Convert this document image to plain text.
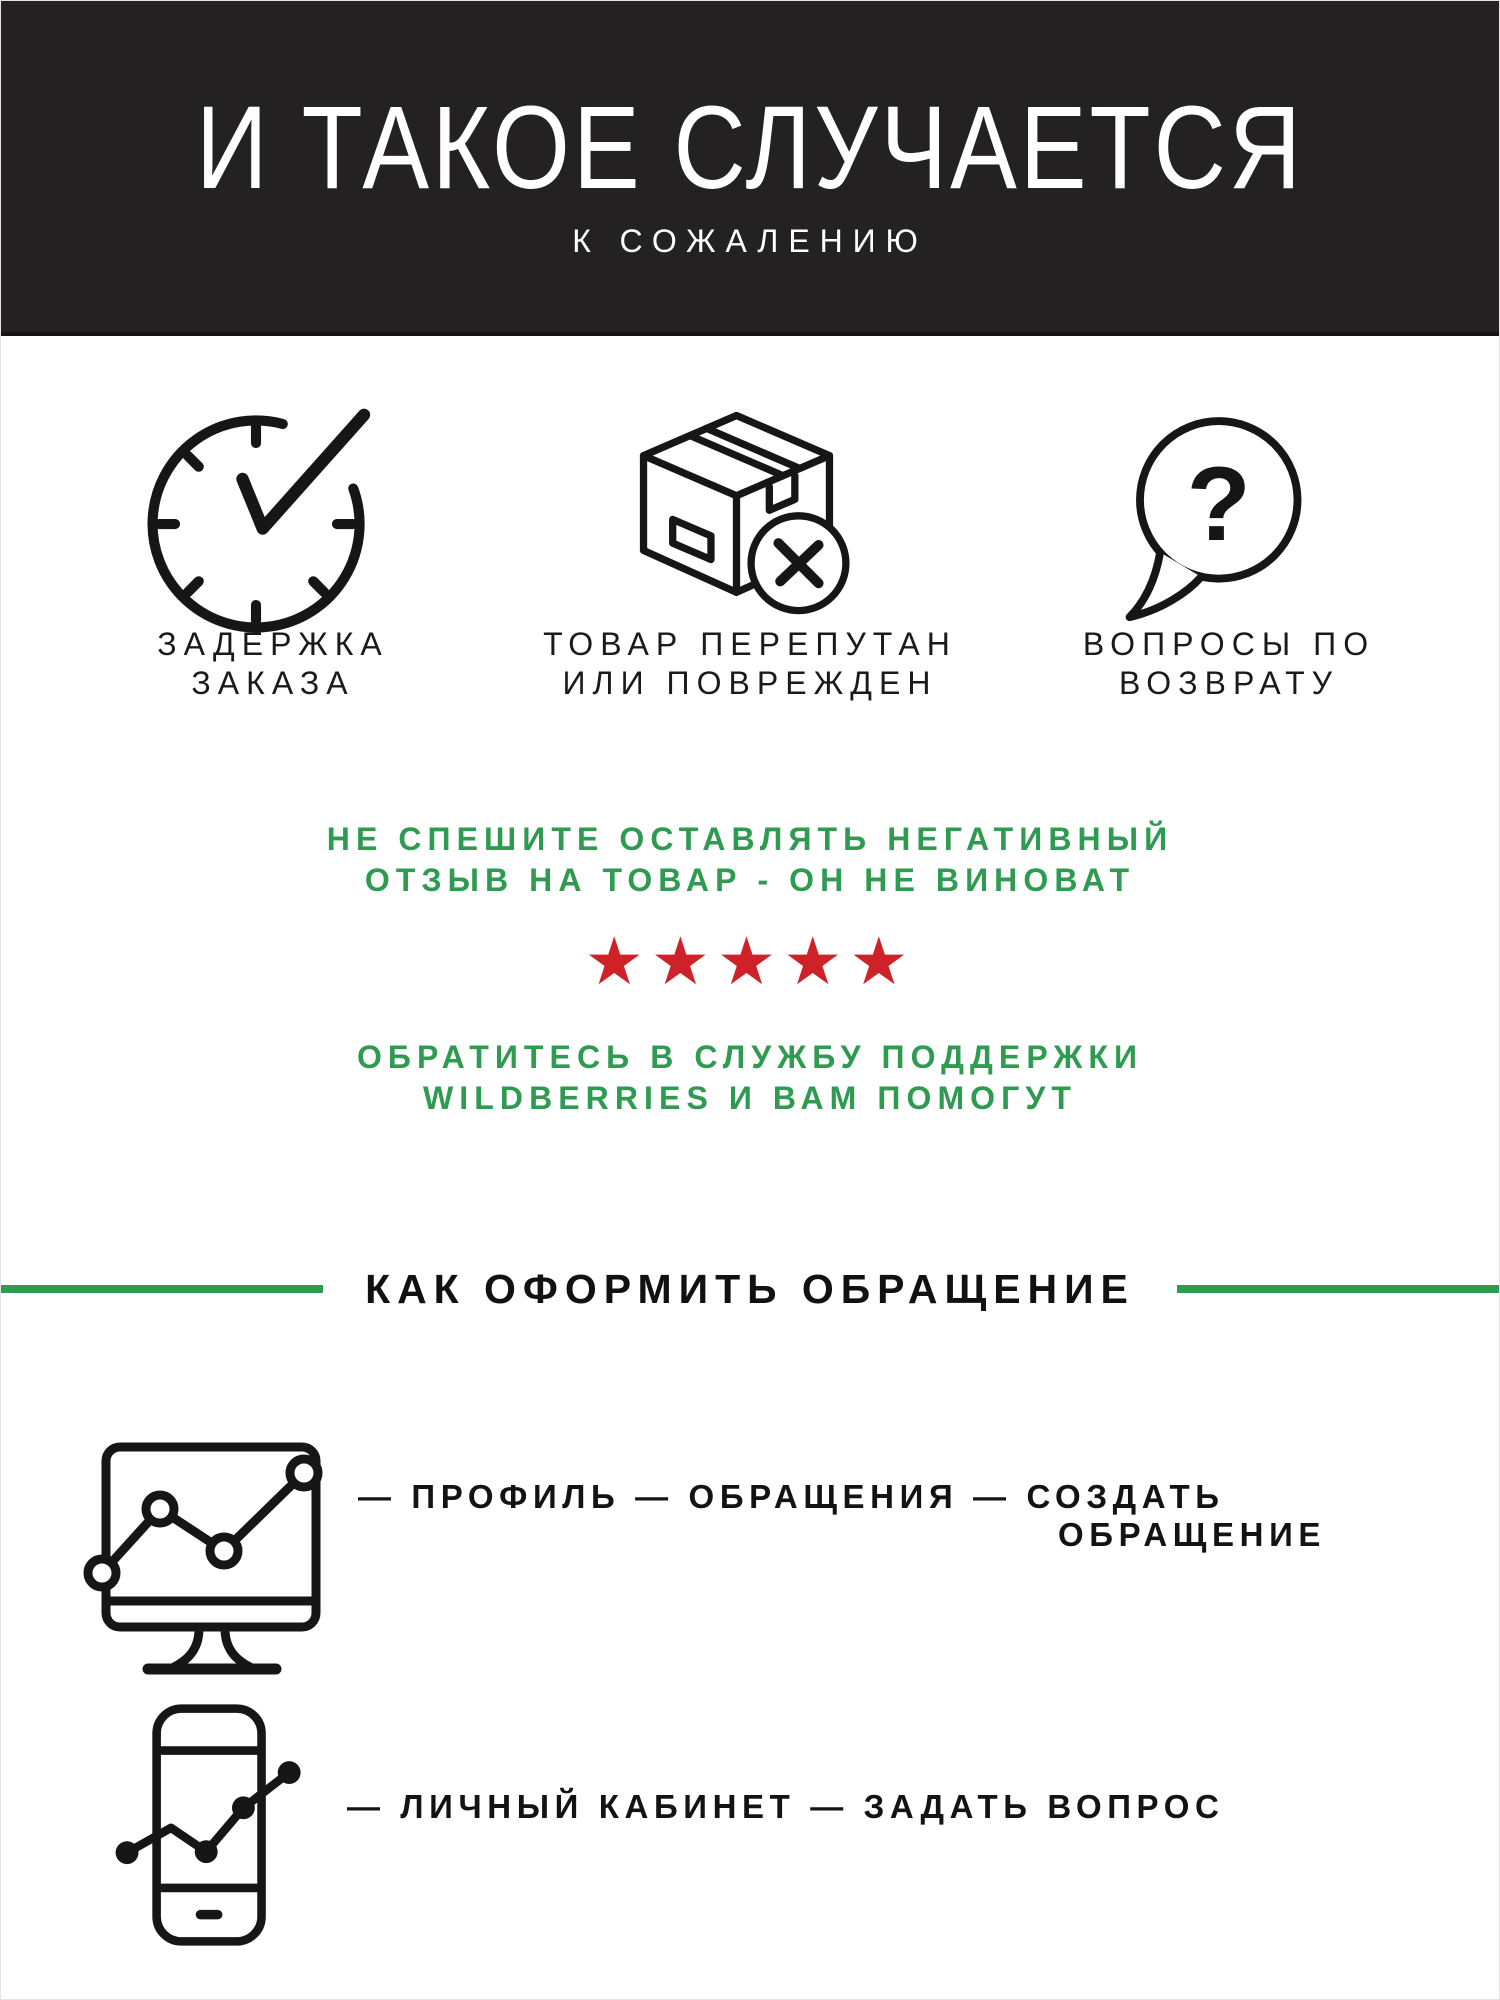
И ТАКОЕ СЛУЧАЕТСЯ
К СОЖАЛЕНИЮ
?
ЗАДЕРЖКА
ЗАКАЗА
ТОВАР ПЕРЕПУТАН
ИЛИ ПОВРЕЖДЕН
ВОПРОСЫ ПО
ВОЗВРАТУ
НЕ СПЕШИТЕ ОСТАВЛЯТЬ НЕГАТИВНЫЙ
ОТЗЫВ НА ТОВАР - ОН НЕ ВИНОВАТ
★★★★★
ОБРАТИТЕСЬ В СЛУЖБУ ПОДДЕРЖКИ
WILDBERRIES И ВАМ ПОМОГУТ
КАК ОФОРМИТЬ ОБРАЩЕНИЕ
— ПРОФИЛЬ — ОБРАЩЕНИЯ — СОЗДАТЬ
ОБРАЩЕНИЕ
— ЛИЧНЫЙ КАБИНЕТ — ЗАДАТЬ ВОПРОС
